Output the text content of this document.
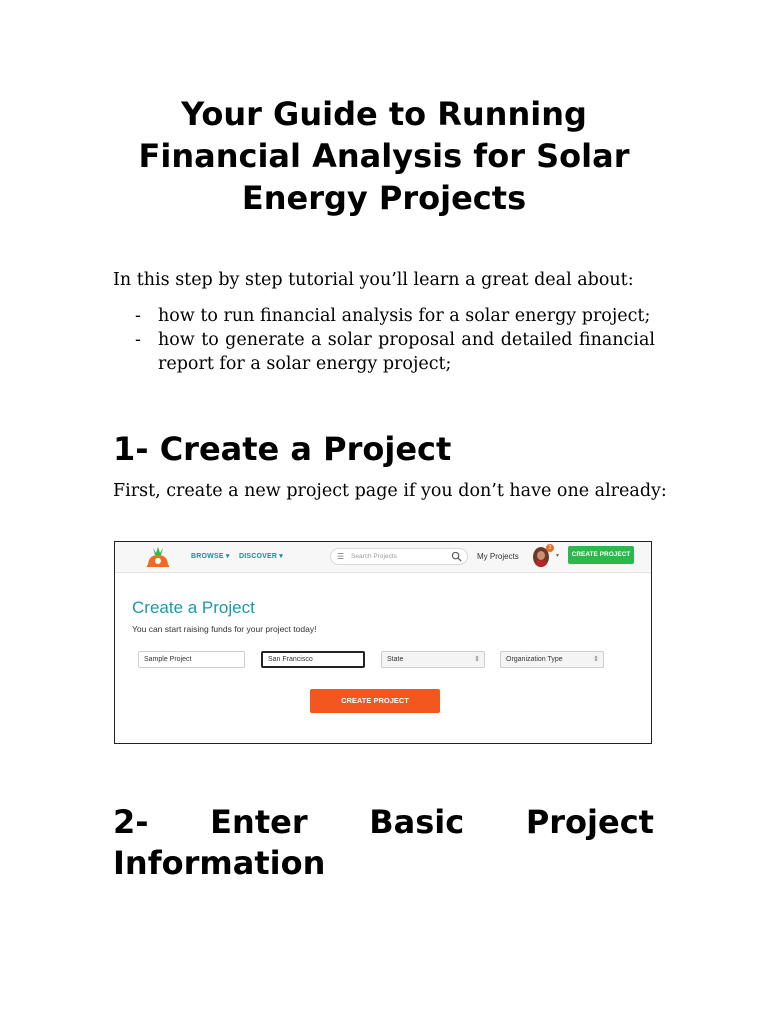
Your Guide to Running Financial Analysis for Solar Energy Projects

In this step by step tutorial you’ll learn a great deal about:

- how to run financial analysis for a solar energy project;
- how to generate a solar proposal and detailed financial report for a solar energy project;
1- Create a Project

First, create a new project page if you don’t have one already:

BROWSE ▾ DISCOVER ▾	☰ Search Projects	My Projects
3
▼	CREATE PROJECT
Create a Project
You can start raising funds for your project today!
Sample Project	San Francisco	State	⇕	Organization Type	⇕
CREATE PROJECT
2- Enter Basic Project
Information
